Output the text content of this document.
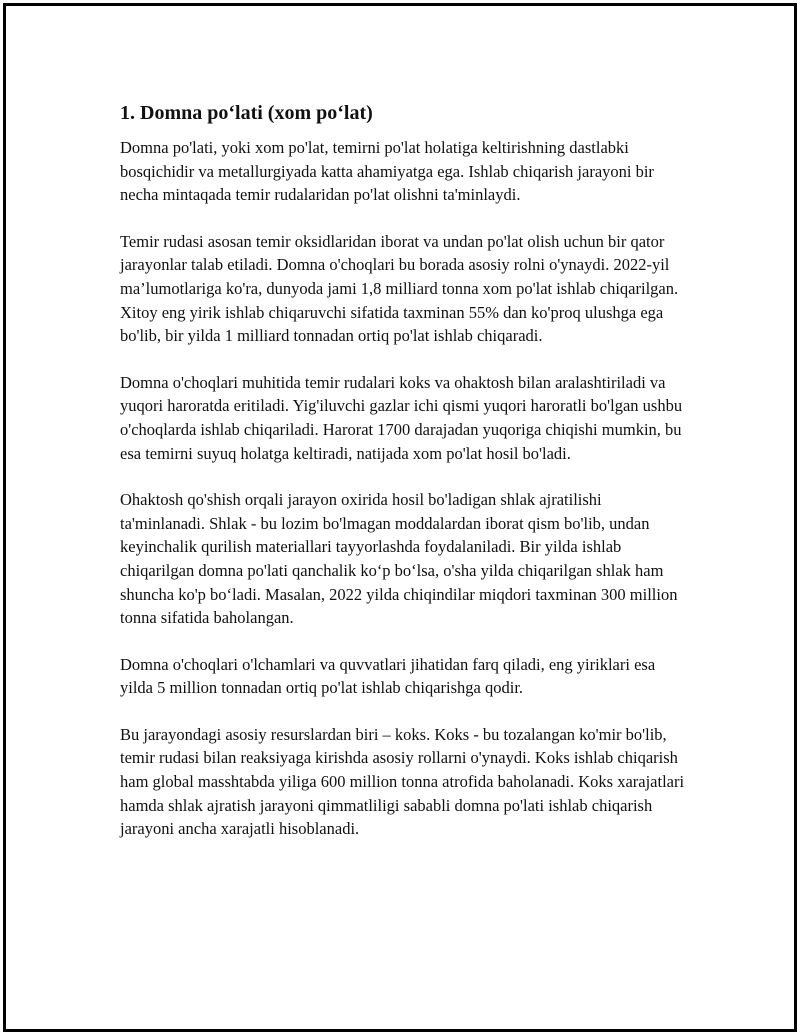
1. Domna po‘lati (xom po‘lat)

Domna po'lati, yoki xom po'lat, temirni po'lat holatiga keltirishning dastlabki bosqichidir va metallurgiyada katta ahamiyatga ega. Ishlab chiqarish jarayoni bir necha mintaqada temir rudalaridan po'lat olishni ta'minlaydi.

Temir rudasi asosan temir oksidlaridan iborat va undan po'lat olish uchun bir qator jarayonlar talab etiladi. Domna o'choqlari bu borada asosiy rolni o'ynaydi. 2022-yil ma’lumotlariga ko'ra, dunyoda jami 1,8 milliard tonna xom po'lat ishlab chiqarilgan. Xitoy eng yirik ishlab chiqaruvchi sifatida taxminan 55% dan ko'proq ulushga ega bo'lib, bir yilda 1 milliard tonnadan ortiq po'lat ishlab chiqaradi.

Domna o'choqlari muhitida temir rudalari koks va ohaktosh bilan aralashtiriladi va yuqori haroratda eritiladi. Yig'iluvchi gazlar ichi qismi yuqori haroratli bo'lgan ushbu o'choqlarda ishlab chiqariladi. Harorat 1700 darajadan yuqoriga chiqishi mumkin, bu esa temirni suyuq holatga keltiradi, natijada xom po'lat hosil bo'ladi.

Ohaktosh qo'shish orqali jarayon oxirida hosil bo'ladigan shlak ajratilishi ta'minlanadi. Shlak - bu lozim bo'lmagan moddalardan iborat qism bo'lib, undan keyinchalik qurilish materiallari tayyorlashda foydalaniladi. Bir yilda ishlab chiqarilgan domna po'lati qanchalik ko‘p bo‘lsa, o'sha yilda chiqarilgan shlak ham shuncha ko'p bo‘ladi. Masalan, 2022 yilda chiqindilar miqdori taxminan 300 million tonna sifatida baholangan.

Domna o'choqlari o'lchamlari va quvvatlari jihatidan farq qiladi, eng yiriklari esa yilda 5 million tonnadan ortiq po'lat ishlab chiqarishga qodir.

Bu jarayondagi asosiy resurslardan biri – koks. Koks - bu tozalangan ko'mir bo'lib, temir rudasi bilan reaksiyaga kirishda asosiy rollarni o'ynaydi. Koks ishlab chiqarish ham global masshtabda yiliga 600 million tonna atrofida baholanadi. Koks xarajatlari hamda shlak ajratish jarayoni qimmatliligi sababli domna po'lati ishlab chiqarish jarayoni ancha xarajatli hisoblanadi.
